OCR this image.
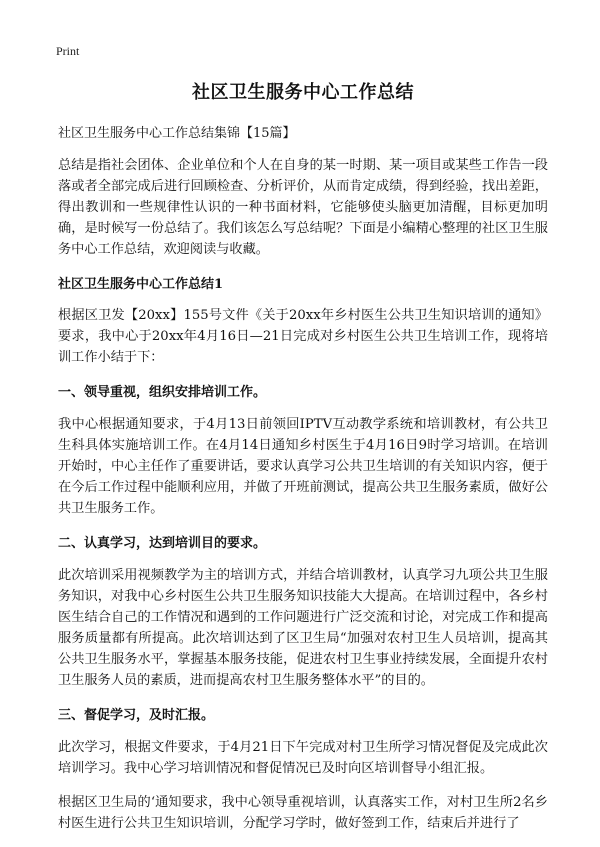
Print
社区卫生服务中心工作总结
社区卫生服务中心工作总结集锦【15篇】

总结是指社会团体、企业单位和个人在自身的某一时期、某一项目或某些工作告一段落或者全部完成后进行回顾检查、分析评价，从而肯定成绩，得到经验，找出差距，得出教训和一些规律性认识的一种书面材料，它能够使头脑更加清醒，目标更加明确，是时候写一份总结了。我们该怎么写总结呢？下面是小编精心整理的社区卫生服务中心工作总结，欢迎阅读与收藏。

社区卫生服务中心工作总结1

根据区卫发【20xx】155号文件《关于20xx年乡村医生公共卫生知识培训的通知》要求，我中心于20xx年4月16日—21日完成对乡村医生公共卫生培训工作，现将培训工作小结于下：

一、领导重视，组织安排培训工作。

我中心根据通知要求，于4月13日前领回IPTV互动教学系统和培训教材，有公共卫生科具体实施培训工作。在4月14日通知乡村医生于4月16日9时学习培训。在培训开始时，中心主任作了重要讲话，要求认真学习公共卫生培训的有关知识内容，便于在今后工作过程中能顺利应用，并做了开班前测试，提高公共卫生服务素质，做好公共卫生服务工作。

二、认真学习，达到培训目的要求。

此次培训采用视频教学为主的培训方式，并结合培训教材，认真学习九项公共卫生服务知识，对我中心乡村医生公共卫生服务知识技能大大提高。在培训过程中，各乡村医生结合自己的工作情况和遇到的工作问题进行广泛交流和讨论，对完成工作和提高服务质量都有所提高。此次培训达到了区卫生局“加强对农村卫生人员培训，提高其公共卫生服务水平，掌握基本服务技能，促进农村卫生事业持续发展，全面提升农村卫生服务人员的素质，进而提高农村卫生服务整体水平”的目的。

三、督促学习，及时汇报。

此次学习，根据文件要求，于4月21日下午完成对村卫生所学习情况督促及完成此次培训学习。我中心学习培训情况和督促情况已及时向区培训督导小组汇报。

根据区卫生局的‘通知要求，我中心领导重视培训，认真落实工作，对村卫生所2名乡村医生进行公共卫生知识培训，分配学习学时，做好签到工作，结束后并进行了
